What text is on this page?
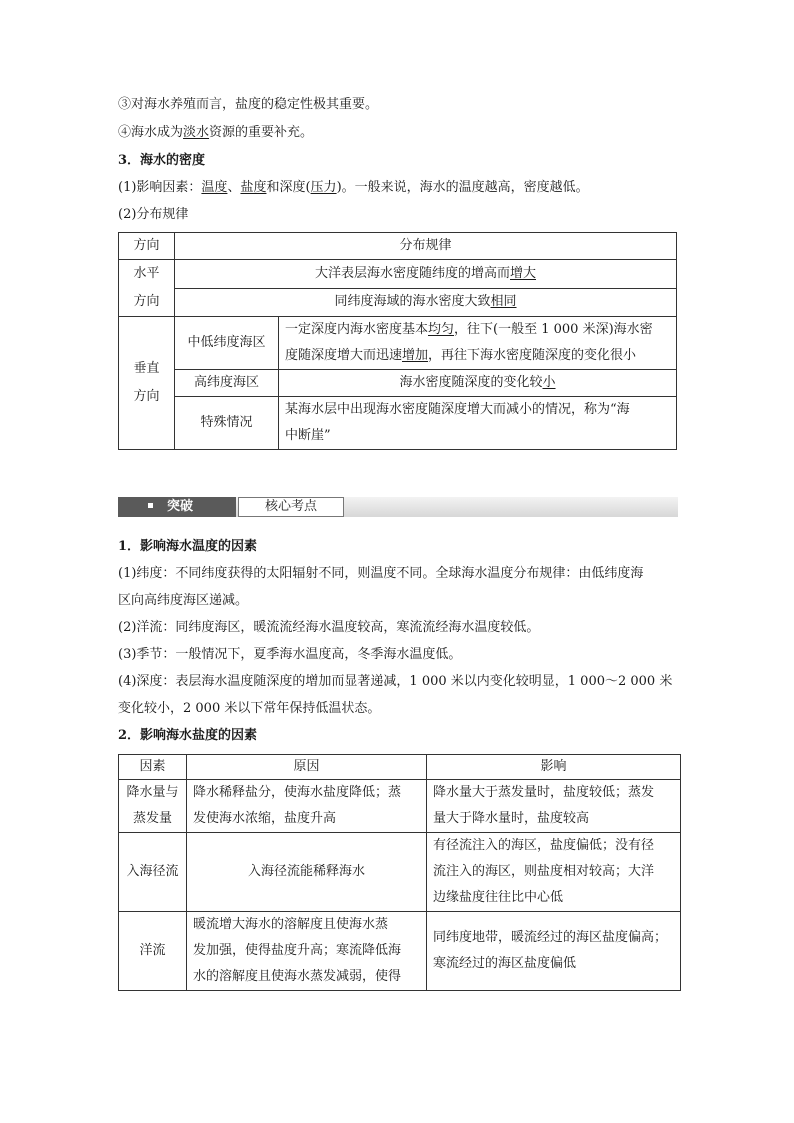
③对海水养殖而言，盐度的稳定性极其重要。
④海水成为淡水资源的重要补充。
3．海水的密度
(1)影响因素：温度、盐度和深度(压力)。一般来说，海水的温度越高，密度越低。
(2)分布规律
方向	分布规律	
水平
方向	大洋表层海水密度随纬度的增高而增大	
	同纬度海域的海水密度大致相同	
垂直
方向	中低纬度海区	一定深度内海水密度基本均匀，往下(一般至 1 000 米深)海水密
度随深度增大而迅速增加，再往下海水密度随深度的变化很小
	高纬度海区	海水密度随深度的变化较小
	特殊情况	某海水层中出现海水密度随深度增大而减小的情况，称为“海
中断崖”
突破	核心考点
1．影响海水温度的因素
(1)纬度：不同纬度获得的太阳辐射不同，则温度不同。全球海水温度分布规律：由低纬度海
区向高纬度海区递减。
(2)洋流：同纬度海区，暖流流经海水温度较高，寒流流经海水温度较低。
(3)季节：一般情况下，夏季海水温度高，冬季海水温度低。
(4)深度：表层海水温度随深度的增加而显著递减，1 000 米以内变化较明显，1 000～2 000 米
变化较小，2 000 米以下常年保持低温状态。
2．影响海水盐度的因素
因素	原因	影响
降水量与
蒸发量	降水稀释盐分，使海水盐度降低；蒸
发使海水浓缩，盐度升高	降水量大于蒸发量时，盐度较低；蒸发
量大于降水量时，盐度较高
入海径流	入海径流能稀释海水	有径流注入的海区，盐度偏低；没有径
流注入的海区，则盐度相对较高；大洋
边缘盐度往往比中心低
洋流	暖流增大海水的溶解度且使海水蒸
发加强，使得盐度升高；寒流降低海
水的溶解度且使海水蒸发减弱，使得	同纬度地带，暖流经过的海区盐度偏高；
寒流经过的海区盐度偏低
